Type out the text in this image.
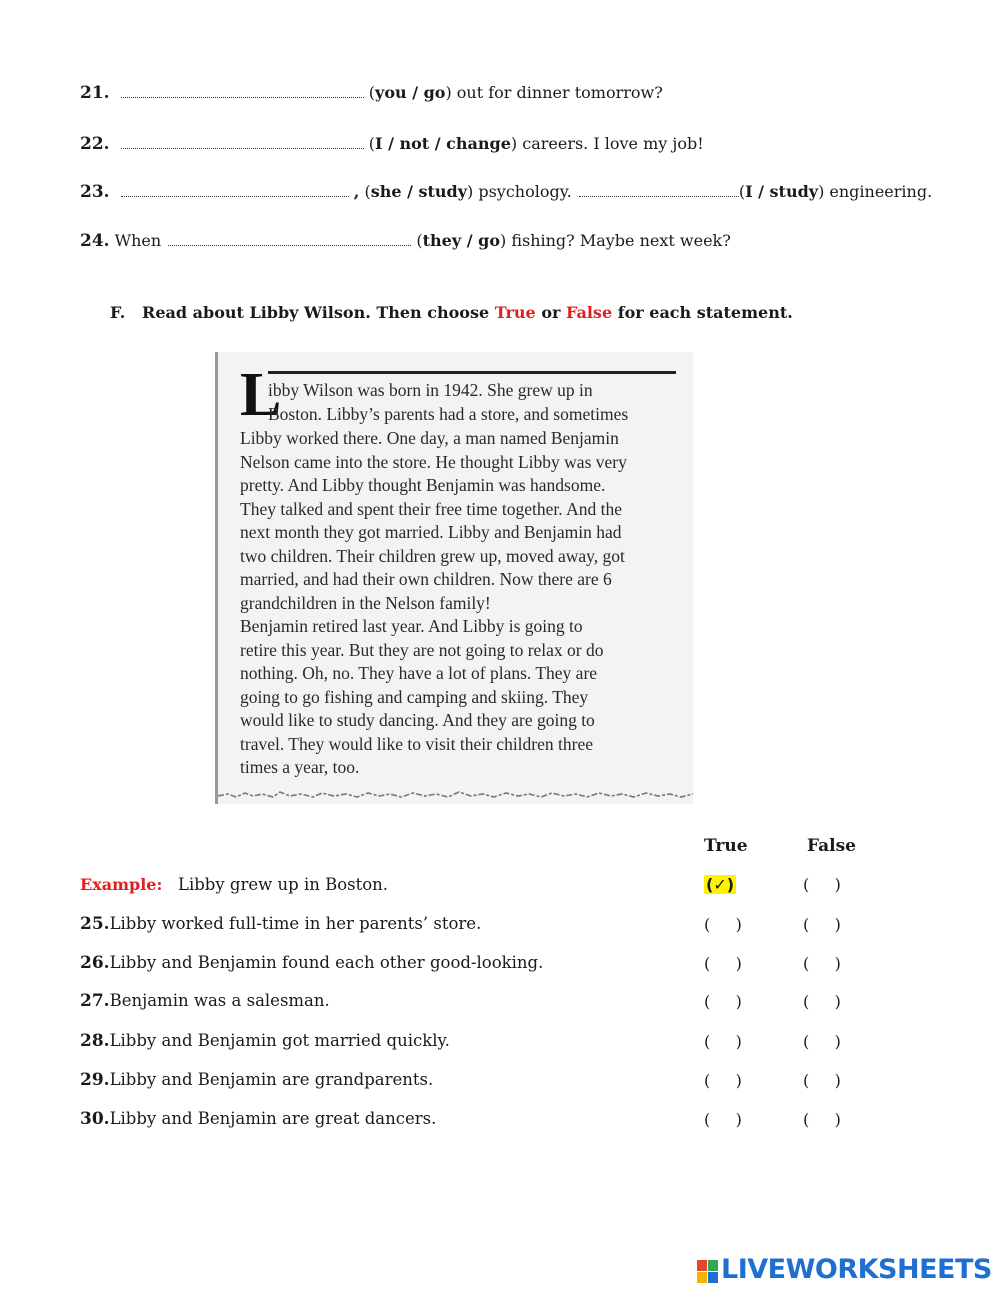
21.	(you / go) out for dinner tomorrow?
22.	(I / not / change) careers. I love my job!
23.	, (she / study) psychology.	(I / study) engineering.
24. When	(they / go) fishing? Maybe next week?
F. Read about Libby Wilson. Then choose True or False for each statement.
L
ibby Wilson was born in 1942. She grew up in
Boston. Libby’s parents had a store, and sometimes
Libby worked there. One day, a man named Benjamin
Nelson came into the store. He thought Libby was very
pretty. And Libby thought Benjamin was handsome.
They talked and spent their free time together. And the
next month they got married. Libby and Benjamin had
two children. Their children grew up, moved away, got
married, and had their own children. Now there are 6
grandchildren in the Nelson family!
Benjamin retired last year. And Libby is going to
retire this year. But they are not going to relax or do
nothing. Oh, no. They have a lot of plans. They are
going to go fishing and camping and skiing. They
would like to study dancing. And they are going to
travel. They would like to visit their children three
times a year, too.
True	False
Example: Libby grew up in Boston.	(✓)	(     )
25.Libby worked full-time in her parents’ store.	(     )	(     )
26.Libby and Benjamin found each other good-looking.	(     )	(     )
27.Benjamin was a salesman.	(     )	(     )
28.Libby and Benjamin got married quickly.	(     )	(     )
29.Libby and Benjamin are grandparents.	(     )	(     )
30.Libby and Benjamin are great dancers.	(     )	(     )
LIVEWORKSHEETS
